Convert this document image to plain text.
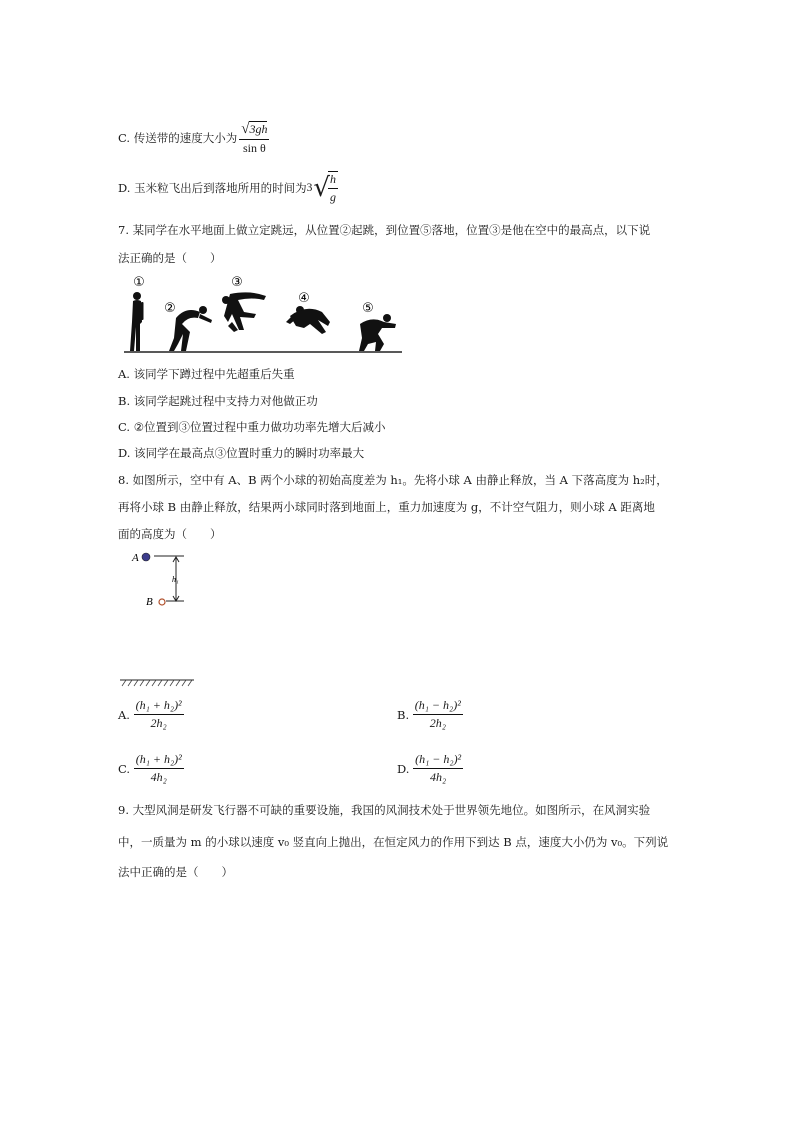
C.
传送带的速度大小为 $\frac{√3gh}{\text{sin θ}}$
D.
玉米粒飞出后到落地所用的时间为 3 √
$\frac{h}{g}$
7. 某同学在水平地面上做立定跳远，从位置②起跳，到位置⑤落地，位置③是他在空中的最高点，以下说
法正确的是（　　）
①
②
③
④
⑤
A. 该同学下蹲过程中先超重后失重
B. 该同学起跳过程中支持力对他做正功
C. ②位置到③位置过程中重力做功功率先增大后减小
D. 该同学在最高点③位置时重力的瞬时功率最大
8. 如图所示，空中有 A、B 两个小球的初始高度差为 h₁。先将小球 A 由静止释放，当 A 下落高度为 h₂时，
再将小球 B 由静止释放，结果两小球同时落到地面上，重力加速度为 g，不计空气阻力，则小球 A 距离地
面的高度为（　　）
A
h₁
B
A.
$\frac{\text{(h₁ + h₂)²}}{\text{2h₂}}$	B.
$\frac{\text{(h₁ − h₂)²}}{\text{2h₂}}$
C.
$\frac{\text{(h₁ + h₂)²}}{\text{4h₂}}$	D.
$\frac{\text{(h₁ − h₂)²}}{\text{4h₂}}$
9. 大型风洞是研发飞行器不可缺的重要设施，我国的风洞技术处于世界领先地位。如图所示，在风洞实验
中，一质量为 m 的小球以速度 v₀ 竖直向上抛出，在恒定风力的作用下到达 B 点，速度大小仍为 v₀。下列说
法中正确的是（　　）
